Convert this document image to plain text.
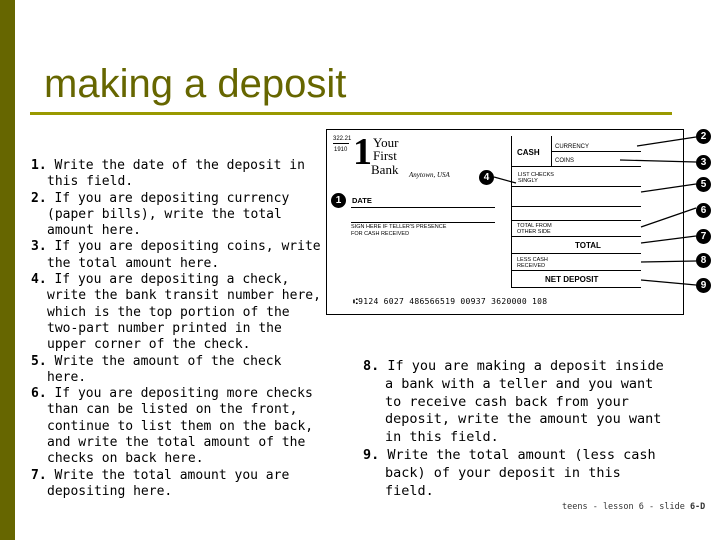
making a deposit
1. Write the date of the deposit in this field.
2. If you are depositing currency (paper bills), write the total amount here.
3. If you are depositing coins, write the total amount here.
4. If you are depositing a check, write the bank transit number here, which is the top portion of the two-part number printed in the upper corner of the check.
5. Write the amount of the check here.
6. If you are depositing more checks than can be listed on the front, continue to list them on the back, and write the total amount of the checks on back here.
7. Write the total amount you are depositing here.
322.21
1910 1 Your
First
Bank Anytown, USA
DATE
SIGN HERE IF TELLER'S PRESENCE
FOR CASH RECEIVED
CASH
CURRENCY
COINS
LIST CHECKS
SINGLY
TOTAL FROM
OTHER SIDE
TOTAL
LESS CASH
RECEIVED
NET DEPOSIT
⑆9124 6027 486566519 00937 3620000 108
1
2
3
4
5
6
7
8
9
8. If you are making a deposit inside a bank with a teller and you want to receive cash back from your deposit, write the amount you want in this field.
9. Write the total amount (less cash back) of your deposit in this field.
teens - lesson 6 - slide 6-D
